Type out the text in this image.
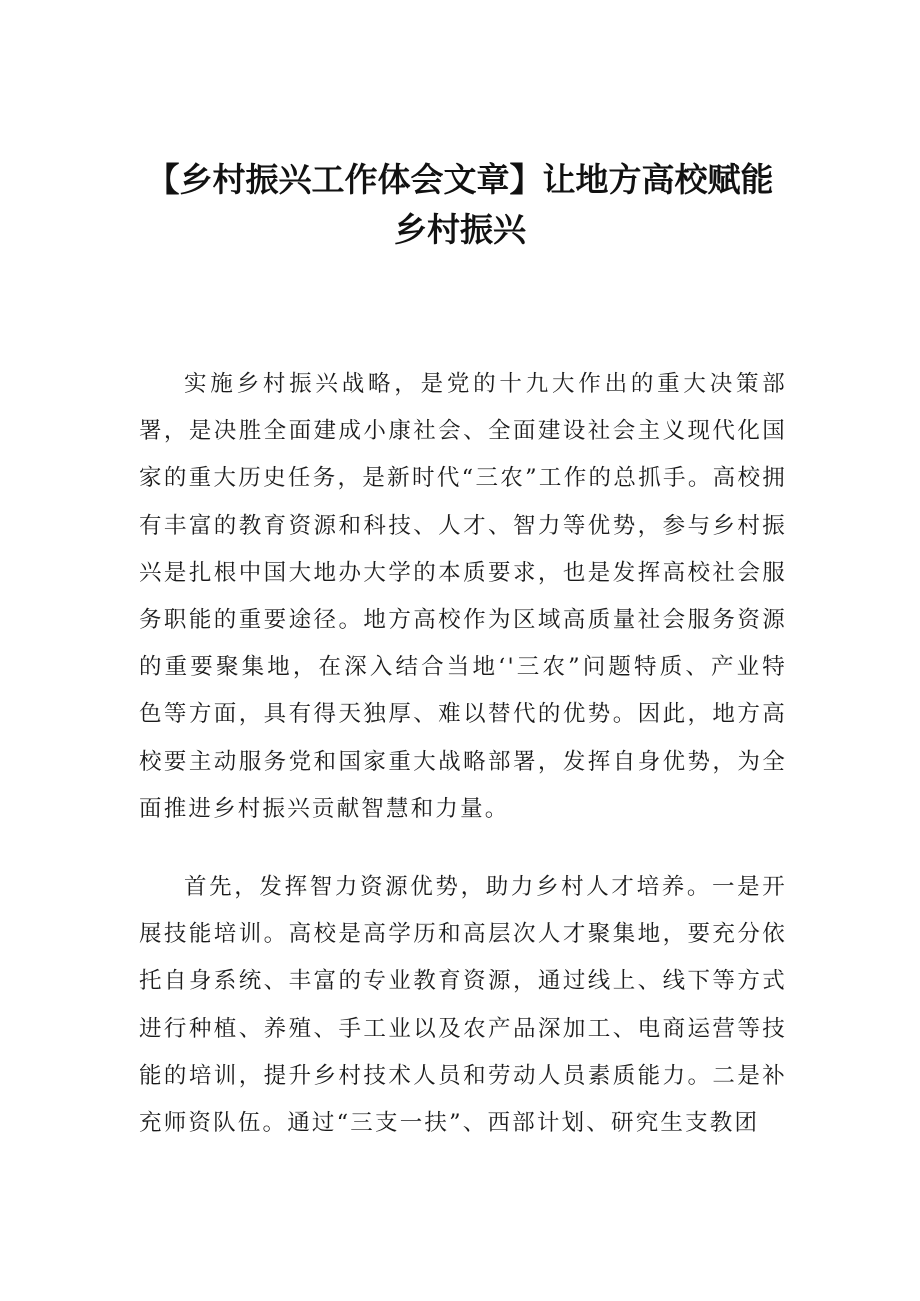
【乡村振兴工作体会文章】让地方高校赋能
乡村振兴

实施乡村振兴战略，是党的十九大作出的重大决策部署，是决胜全面建成小康社会、全面建设社会主义现代化国家的重大历史任务，是新时代“三农”工作的总抓手。高校拥有丰富的教育资源和科技、人才、智力等优势，参与乡村振兴是扎根中国大地办大学的本质要求，也是发挥高校社会服务职能的重要途径。地方高校作为区域高质量社会服务资源的重要聚集地，在深入结合当地‘'三农”问题特质、产业特色等方面，具有得天独厚、难以替代的优势。因此，地方高校要主动服务党和国家重大战略部署，发挥自身优势，为全面推进乡村振兴贡献智慧和力量。

首先，发挥智力资源优势，助力乡村人才培养。一是开展技能培训。高校是高学历和高层次人才聚集地，要充分依托自身系统、丰富的专业教育资源，通过线上、线下等方式进行种植、养殖、手工业以及农产品深加工、电商运营等技能的培训，提升乡村技术人员和劳动人员素质能力。二是补充师资队伍。通过“三支一扶”、西部计划、研究生支教团
